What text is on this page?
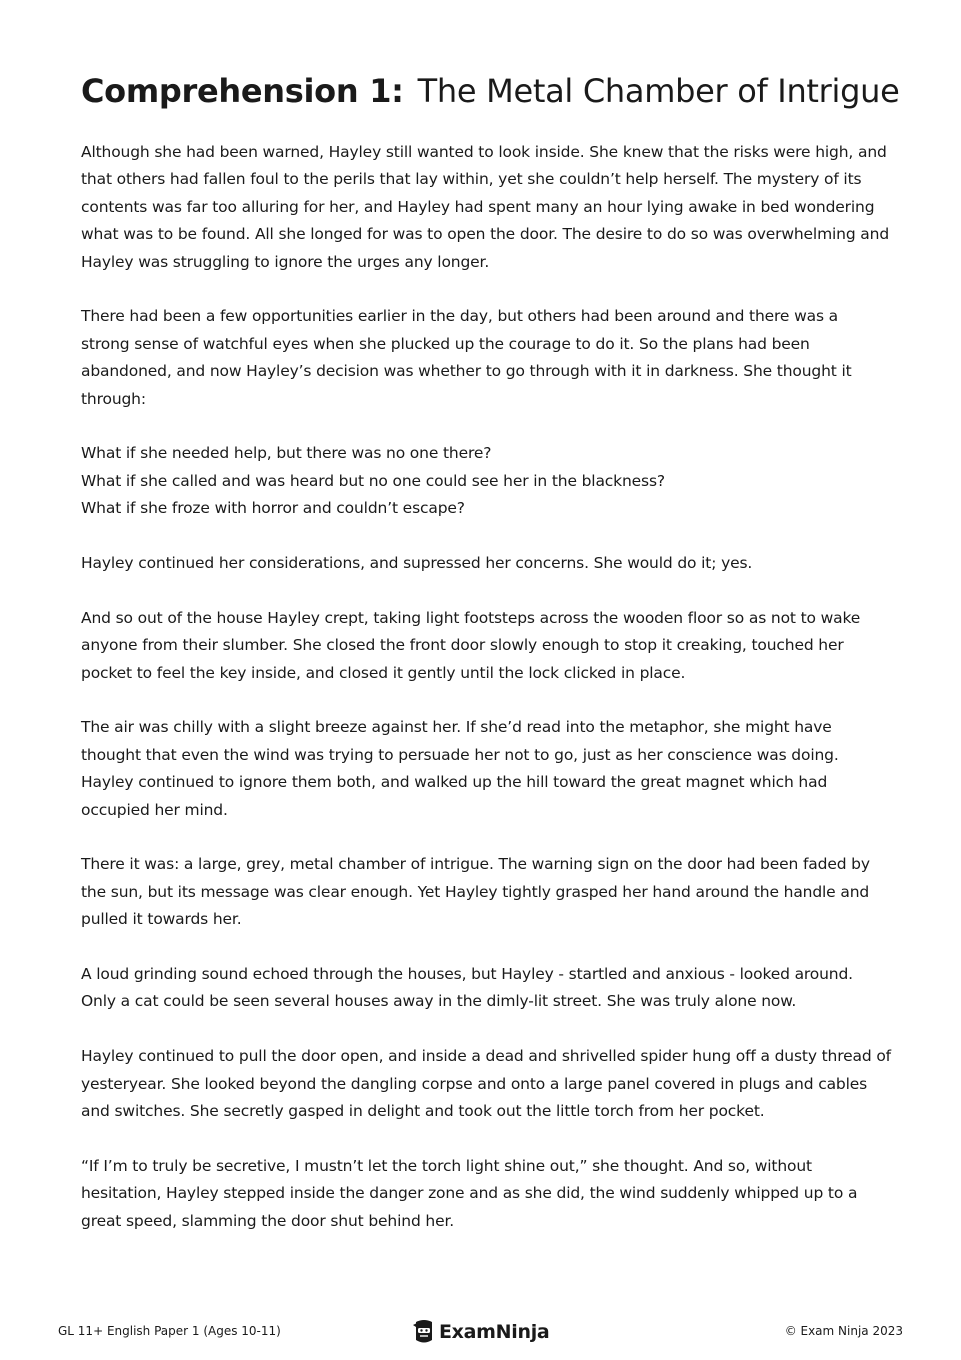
Comprehension 1: The Metal Chamber of Intrigue

Although she had been warned, Hayley still wanted to look inside. She knew that the risks were high, and that others had fallen foul to the perils that lay within, yet she couldn’t help herself. The mystery of its contents was far too alluring for her, and Hayley had spent many an hour lying awake in bed wondering what was to be found. All she longed for was to open the door. The desire to do so was overwhelming and Hayley was struggling to ignore the urges any longer.

There had been a few opportunities earlier in the day, but others had been around and there was a strong sense of watchful eyes when she plucked up the courage to do it. So the plans had been abandoned, and now Hayley’s decision was whether to go through with it in darkness. She thought it through:

What if she needed help, but there was no one there?

What if she called and was heard but no one could see her in the blackness?

What if she froze with horror and couldn’t escape?

Hayley continued her considerations, and supressed her concerns. She would do it; yes.

And so out of the house Hayley crept, taking light footsteps across the wooden floor so as not to wake anyone from their slumber. She closed the front door slowly enough to stop it creaking, touched her pocket to feel the key inside, and closed it gently until the lock clicked in place.

The air was chilly with a slight breeze against her. If she’d read into the metaphor, she might have thought that even the wind was trying to persuade her not to go, just as her conscience was doing. Hayley continued to ignore them both, and walked up the hill toward the great magnet which had occupied her mind.

There it was: a large, grey, metal chamber of intrigue. The warning sign on the door had been faded by the sun, but its message was clear enough. Yet Hayley tightly grasped her hand around the handle and pulled it towards her.

A loud grinding sound echoed through the houses, but Hayley - startled and anxious - looked around. Only a cat could be seen several houses away in the dimly-lit street. She was truly alone now.

Hayley continued to pull the door open, and inside a dead and shrivelled spider hung off a dusty thread of yesteryear. She looked beyond the dangling corpse and onto a large panel covered in plugs and cables and switches. She secretly gasped in delight and took out the little torch from her pocket.

“If I’m to truly be secretive, I mustn’t let the torch light shine out,” she thought. And so, without hesitation, Hayley stepped inside the danger zone and as she did, the wind suddenly whipped up to a great speed, slamming the door shut behind her.

GL 11+ English Paper 1 (Ages 10-11)	ExamNinja	© Exam Ninja 2023
